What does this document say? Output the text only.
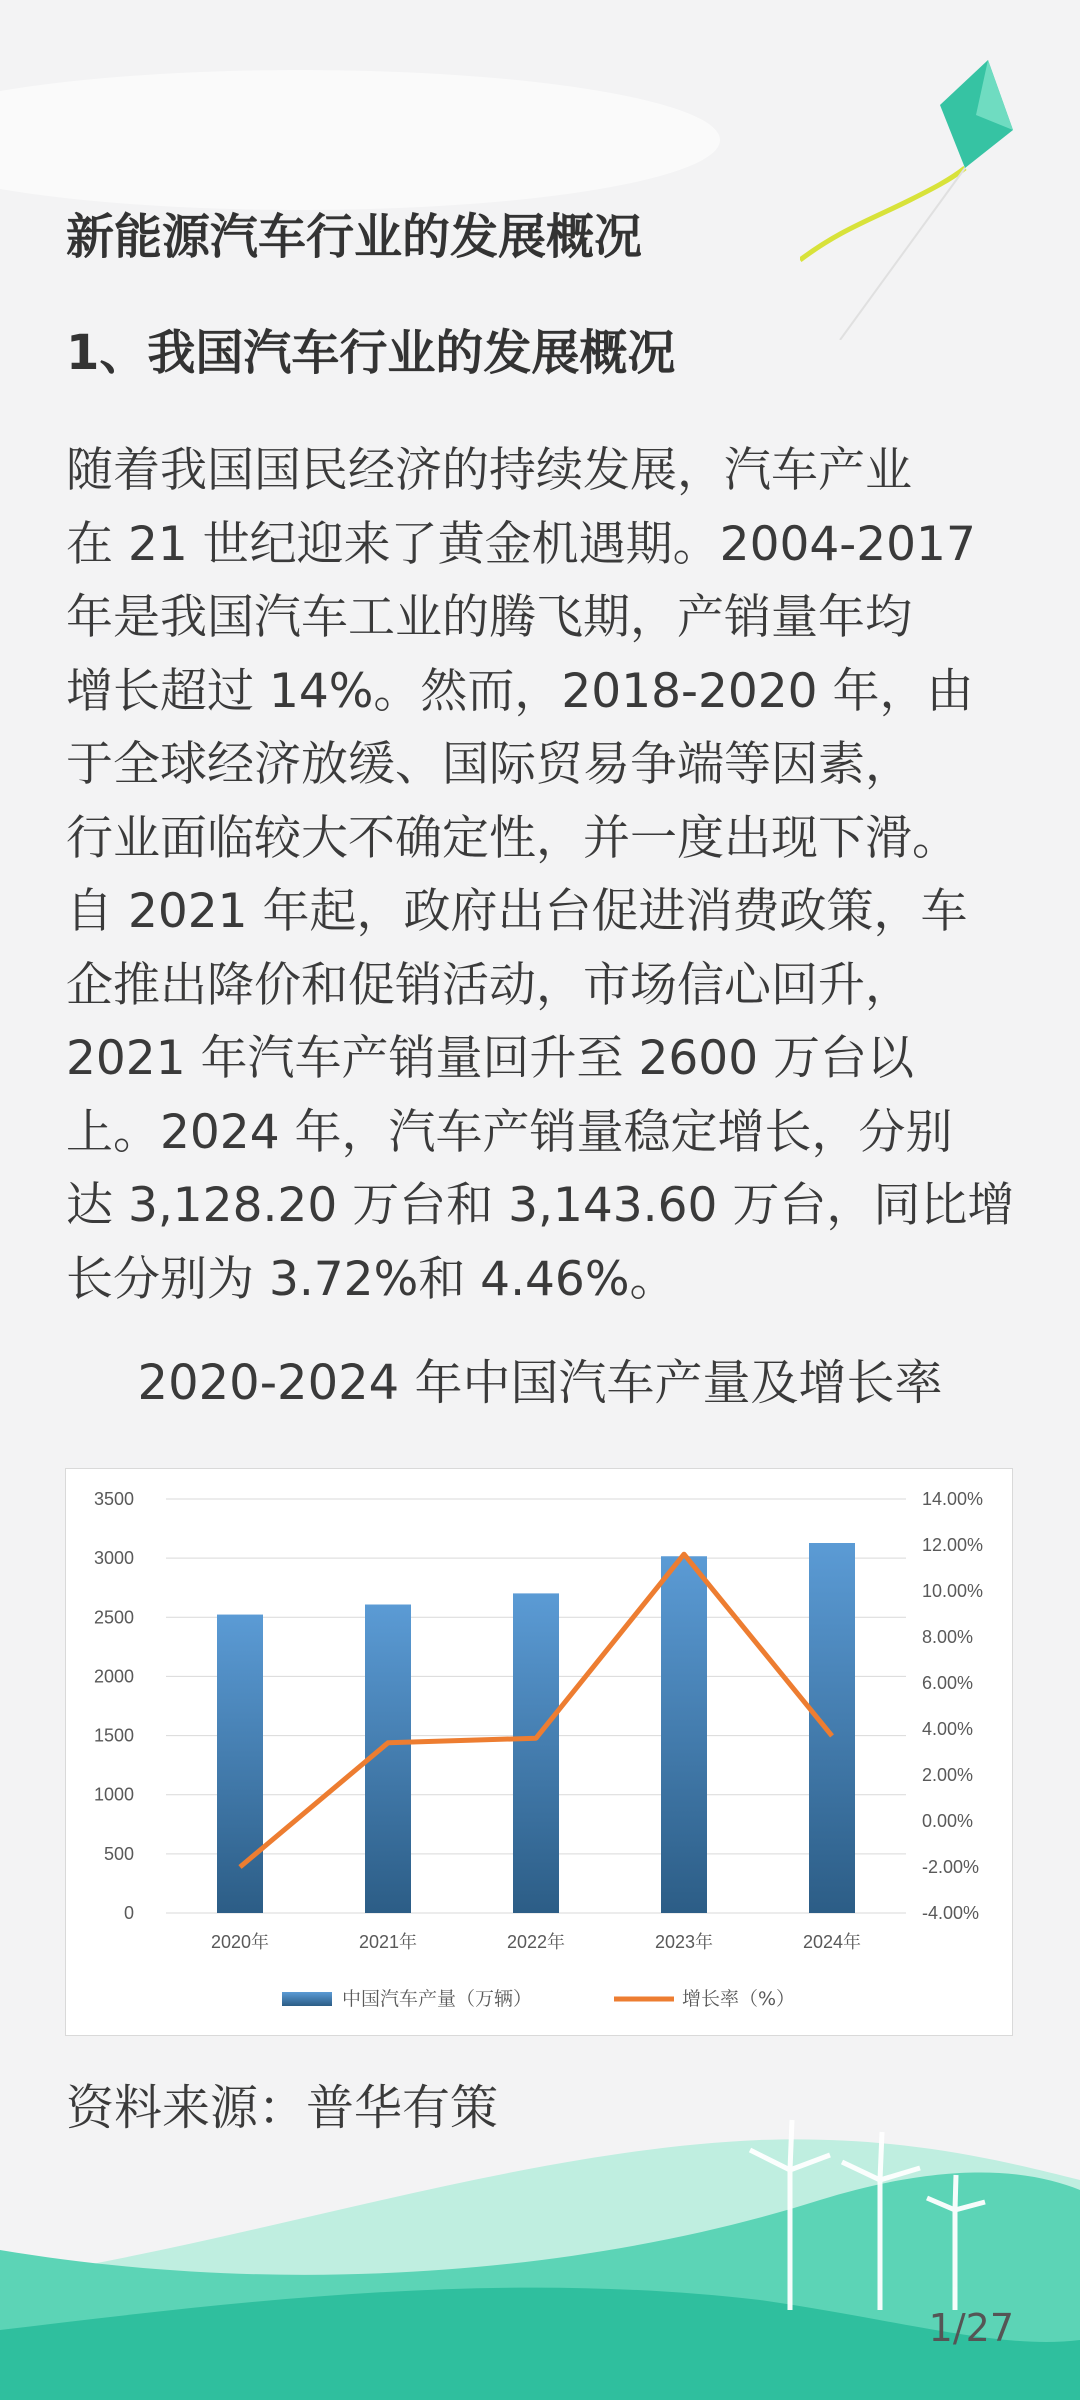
新能源汽车行业的发展概况
1、我国汽车行业的发展概况
随着我国国民经济的持续发展，汽车产业
在 21 世纪迎来了黄金机遇期。2004-2017
年是我国汽车工业的腾飞期，产销量年均
增长超过 14%。然而，2018-2020 年，由
于全球经济放缓、国际贸易争端等因素，
行业面临较大不确定性，并一度出现下滑。
自 2021 年起，政府出台促进消费政策，车
企推出降价和促销活动，市场信心回升，
2021 年汽车产销量回升至 2600 万台以
上。2024 年，汽车产销量稳定增长，分别
达 3,128.20 万台和 3,143.60 万台，同比增
长分别为 3.72%和 4.46%。
2020-2024 年中国汽车产量及增长率
0
500
1000
1500
2000
2500
3000
3500
-4.00%
-2.00%
0.00%
2.00%
4.00%
6.00%
8.00%
10.00%
12.00%
14.00%
2020年	2021年	2022年	2023年	2024年
中国汽车产量（万辆）	增长率（%）
资料来源：普华有策
1/27
